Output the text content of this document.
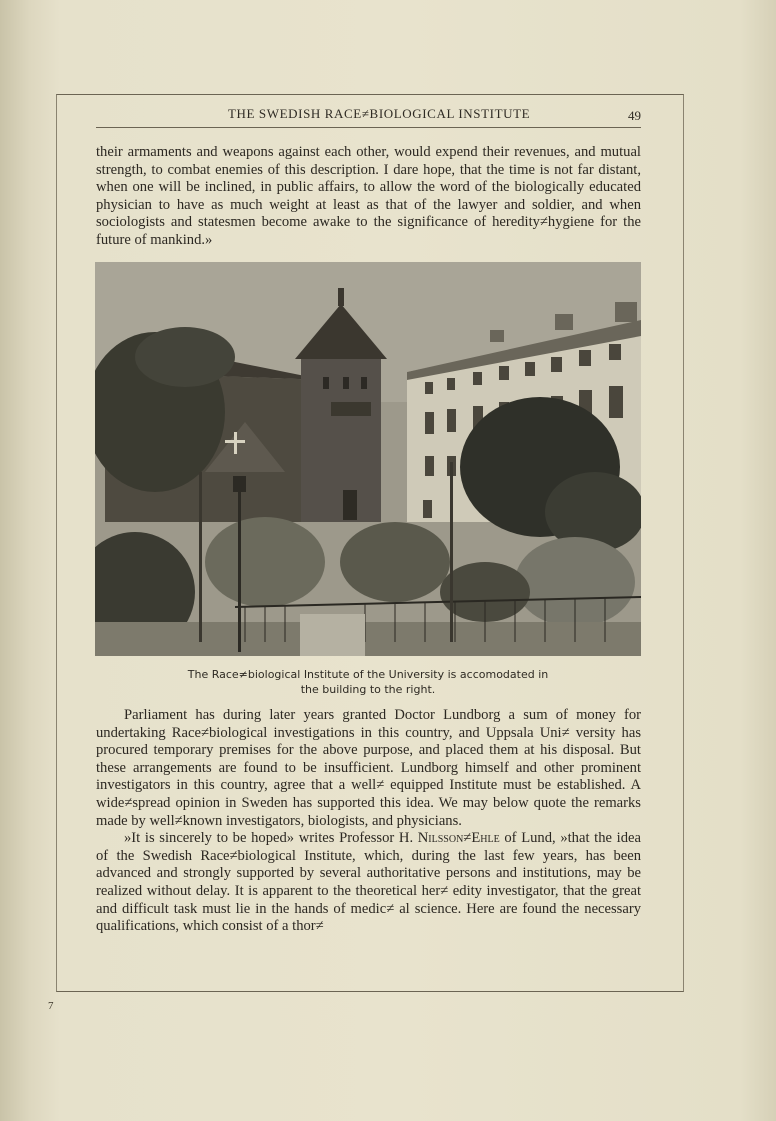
THE SWEDISH RACE≠BIOLOGICAL INSTITUTE	49

their armaments and weapons against each other, would expend their revenues, and mutual strength, to combat enemies of this description. I dare hope, that the time is not far distant, when one will be inclined, in public affairs, to allow the word of the biologically educated physician to have as much weight at least as that of the lawyer and soldier, and when sociologists and statesmen become awake to the significance of heredity≠hygiene for the future of mankind.»

The Race≠biological Institute of the University is accomodated in
the building to the right.

Parliament has during later years granted Doctor Lundborg a sum of money for undertaking Race≠biological investigations in this country, and Uppsala Uni≠ versity has procured temporary premises for the above purpose, and placed them at his disposal. But these arrangements are found to be insufficient. Lundborg himself and other prominent investigators in this country, agree that a well≠ equipped Institute must be established. A wide≠spread opinion in Sweden has supported this idea. We may below quote the remarks made by well≠known investigators, biologists, and physicians.

»It is sincerely to be hoped» writes Professor H. Nilsson≠Ehle of Lund, »that the idea of the Swedish Race≠biological Institute, which, during the last few years, has been advanced and strongly supported by several authoritative persons and institutions, may be realized without delay. It is apparent to the theoretical her≠ edity investigator, that the great and difficult task must lie in the hands of medic≠ al science. Here are found the necessary qualifications, which consist of a thor≠

7
